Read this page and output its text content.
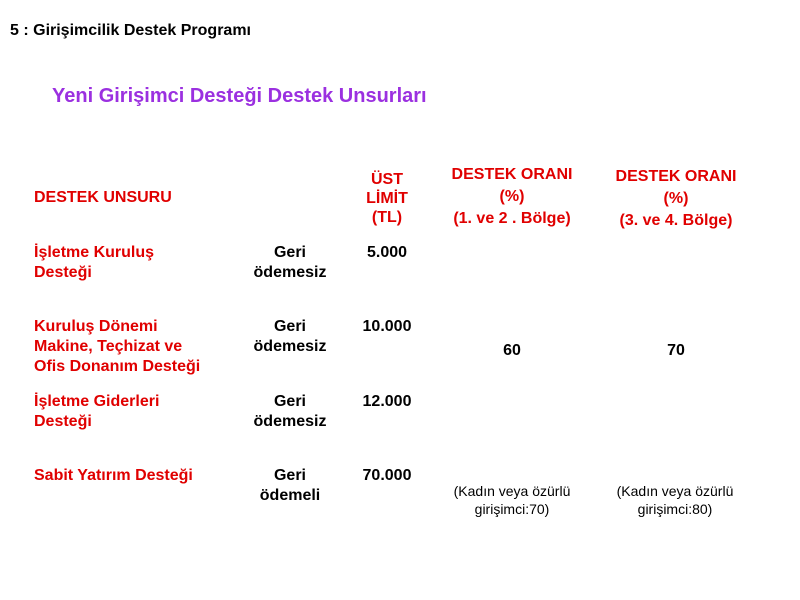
5 : Girişimcilik Destek Programı
Yeni Girişimci Desteği Destek Unsurları
DESTEK UNSURU
ÜST
LİMİT
(TL)
DESTEK ORANI
(%)
(1. ve 2 . Bölge)
DESTEK ORANI
(%)
(3. ve 4. Bölge)
İşletme Kuruluş
Desteği
Geri
ödemesiz
5.000
Kuruluş Dönemi
Makine, Teçhizat ve
Ofis Donanım Desteği
Geri
ödemesiz
10.000
60	70
İşletme Giderleri
Desteği
Geri
ödemesiz
12.000
Sabit Yatırım Desteği	Geri
ödemeli
70.000
(Kadın veya özürlü
girişimci:70)
(Kadın veya özürlü
girişimci:80)
